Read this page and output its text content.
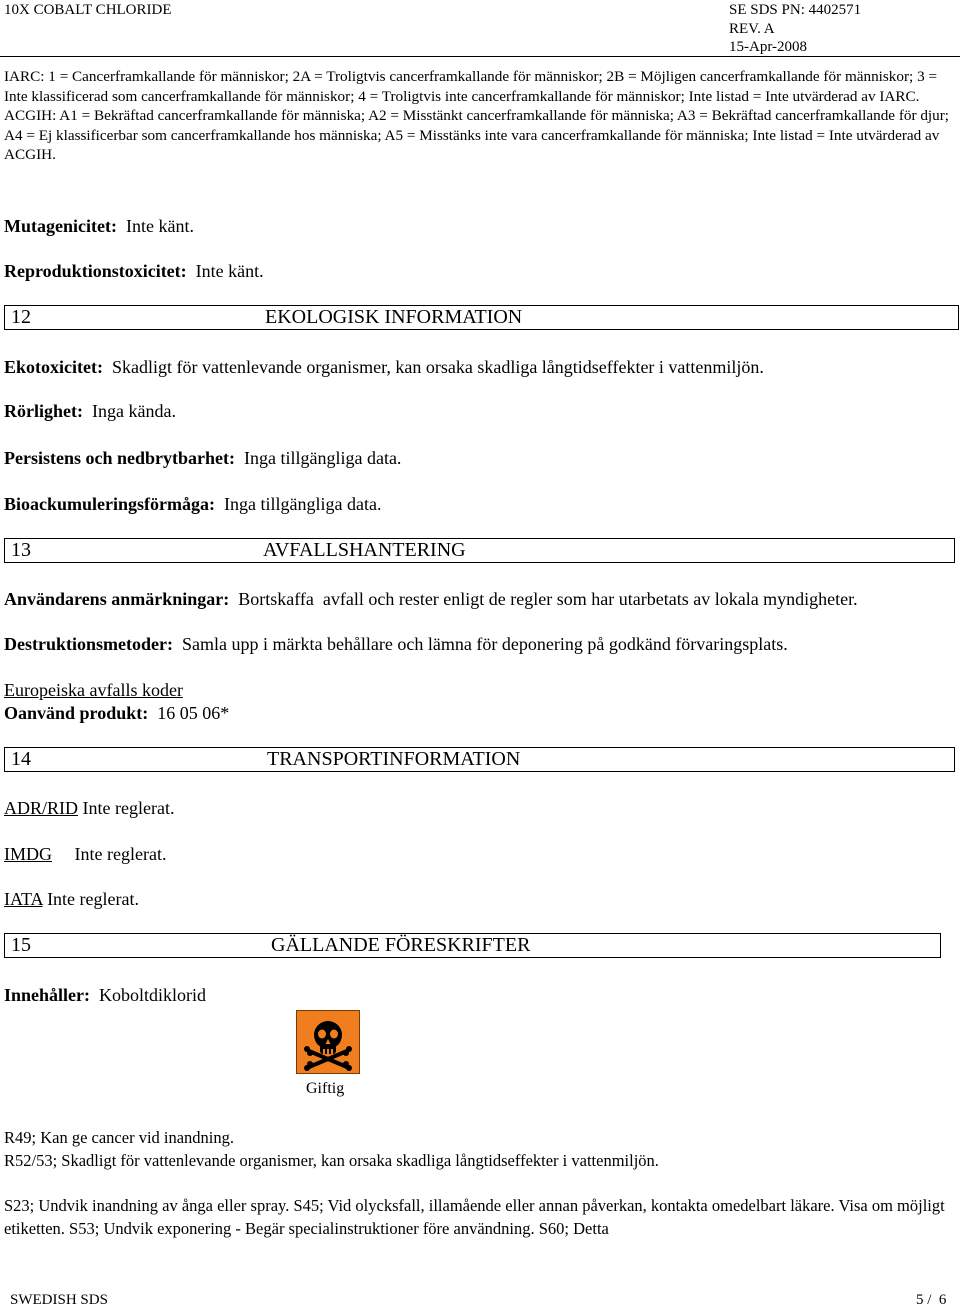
10X COBALT CHLORIDE	SE SDS PN: 4402571
REV. A
15-Apr-2008

IARC: 1 = Cancerframkallande för människor; 2A = Troligtvis cancerframkallande för människor; 2B = Möjligen cancerframkallande för människor; 3 = Inte klassificerad som cancerframkallande för människor; 4 = Troligtvis inte cancerframkallande för människor; Inte listad = Inte utvärderad av IARC.

ACGIH: A1 = Bekräftad cancerframkallande för människa; A2 = Misstänkt cancerframkallande för människa; A3 = Bekräftad cancerframkallande för djur; A4 = Ej klassificerbar som cancerframkallande hos människa; A5 = Misstänks inte vara cancerframkallande för människa; Inte listad = Inte utvärderad av ACGIH.

Mutagenicitet: Inte känt.
Reproduktionstoxicitet: Inte känt.
12	EKOLOGISK INFORMATION
Ekotoxicitet: Skadligt för vattenlevande organismer, kan orsaka skadliga långtidseffekter i vattenmiljön.
Rörlighet: Inga kända.
Persistens och nedbrytbarhet: Inga tillgängliga data.
Bioackumuleringsförmåga: Inga tillgängliga data.
13	AVFALLSHANTERING
Användarens anmärkningar: Bortskaffa  avfall och rester enligt de regler som har utarbetats av lokala myndigheter.
Destruktionsmetoder: Samla upp i märkta behållare och lämna för deponering på godkänd förvaringsplats.
Europeiska avfalls koder
Oanvänd produkt: 16 05 06*
14	TRANSPORTINFORMATION
ADR/RID Inte reglerat.
IMDG Inte reglerat.
IATA Inte reglerat.
15	GÄLLANDE FÖRESKRIFTER
Innehåller: Koboltdiklorid
Giftig
R49; Kan ge cancer vid inandning.
R52/53; Skadligt för vattenlevande organismer, kan orsaka skadliga långtidseffekter i vattenmiljön.
S23; Undvik inandning av ånga eller spray. S45; Vid olycksfall, illamående eller annan påverkan, kontakta omedelbart läkare. Visa om möjligt etiketten. S53; Undvik exponering - Begär specialinstruktioner före användning. S60; Detta
SWEDISH SDS	5 /  6
